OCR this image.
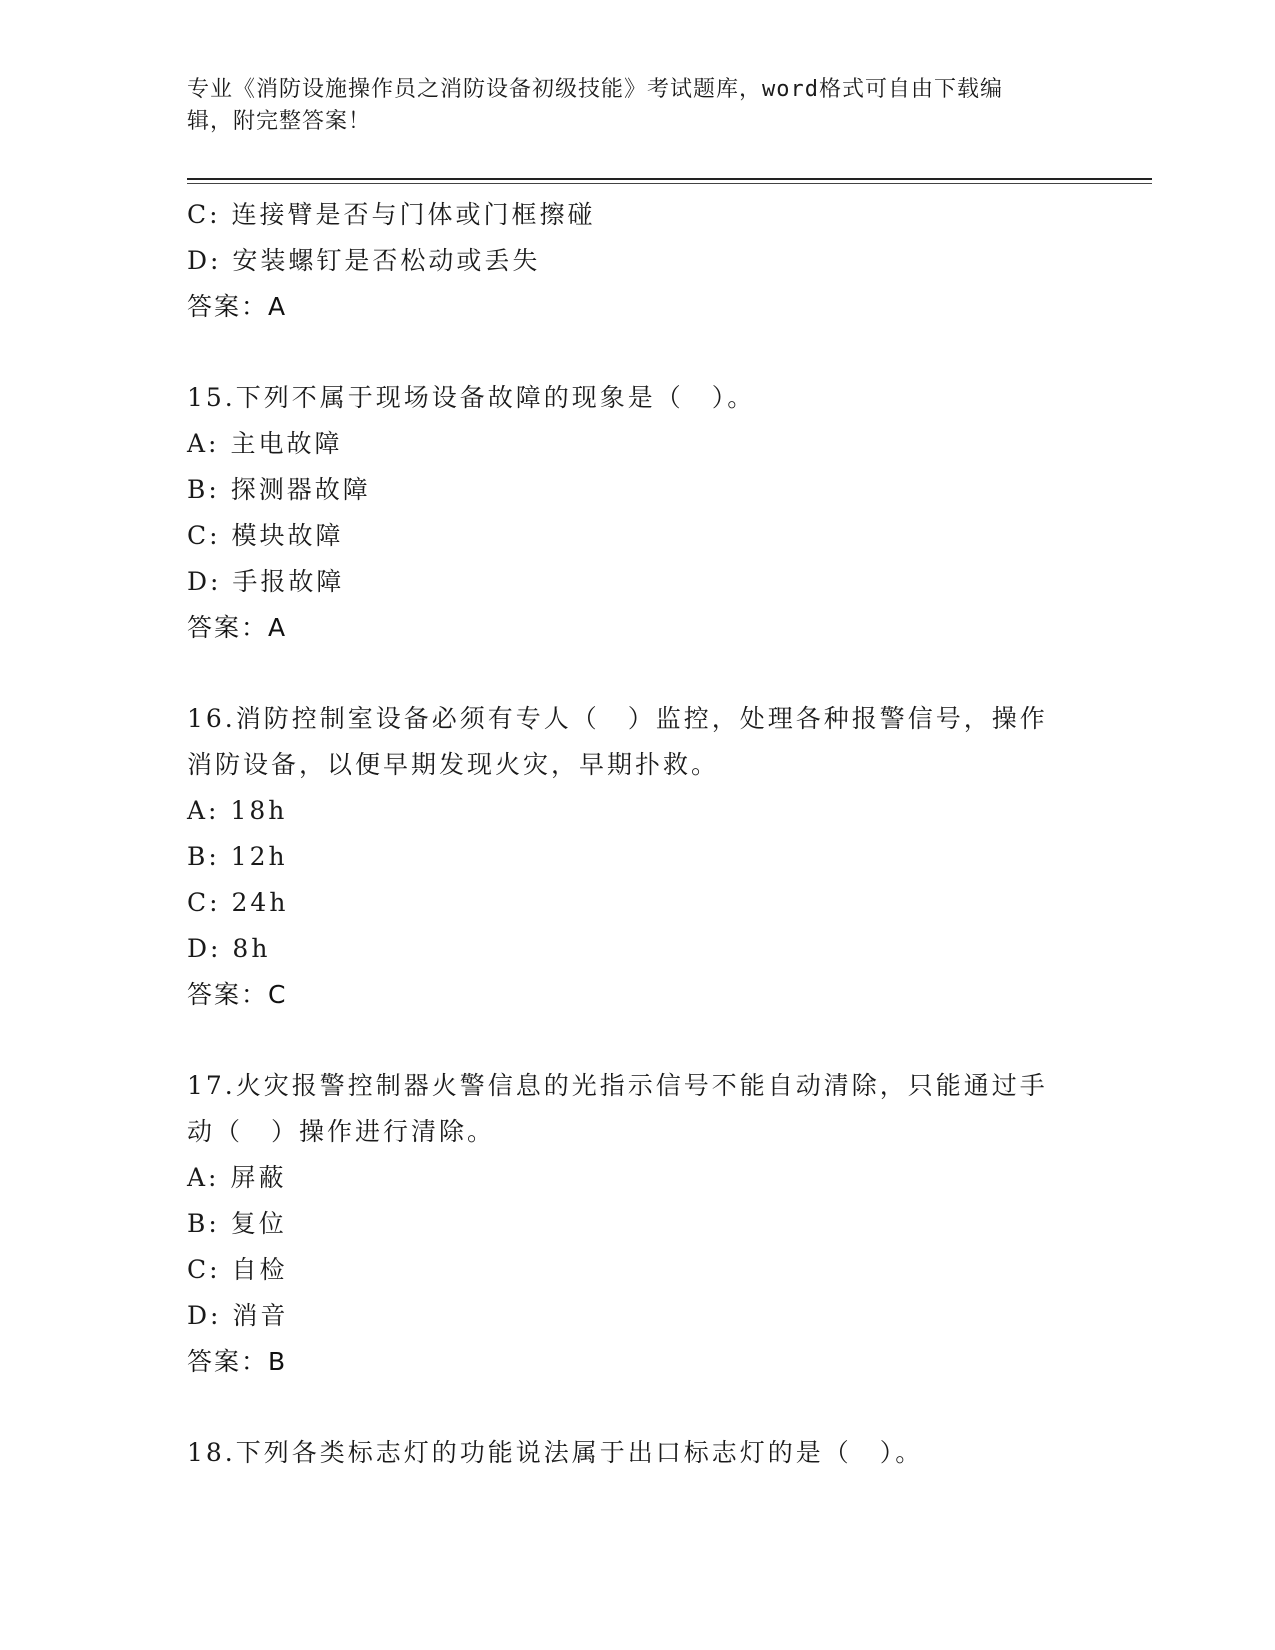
专业《消防设施操作员之消防设备初级技能》考试题库，word格式可自由下载编
辑，附完整答案！
C: 连接臂是否与门体或门框擦碰
D: 安装螺钉是否松动或丢失
答案：A
15.下列不属于现场设备故障的现象是（　）。
A: 主电故障
B: 探测器故障
C: 模块故障
D: 手报故障
答案：A
16.消防控制室设备必须有专人（　）监控，处理各种报警信号，操作
消防设备，以便早期发现火灾，早期扑救。
A: 18h
B: 12h
C: 24h
D: 8h
答案：C
17.火灾报警控制器火警信息的光指示信号不能自动清除，只能通过手
动（　）操作进行清除。
A: 屏蔽
B: 复位
C: 自检
D: 消音
答案：B
18.下列各类标志灯的功能说法属于出口标志灯的是（　）。
